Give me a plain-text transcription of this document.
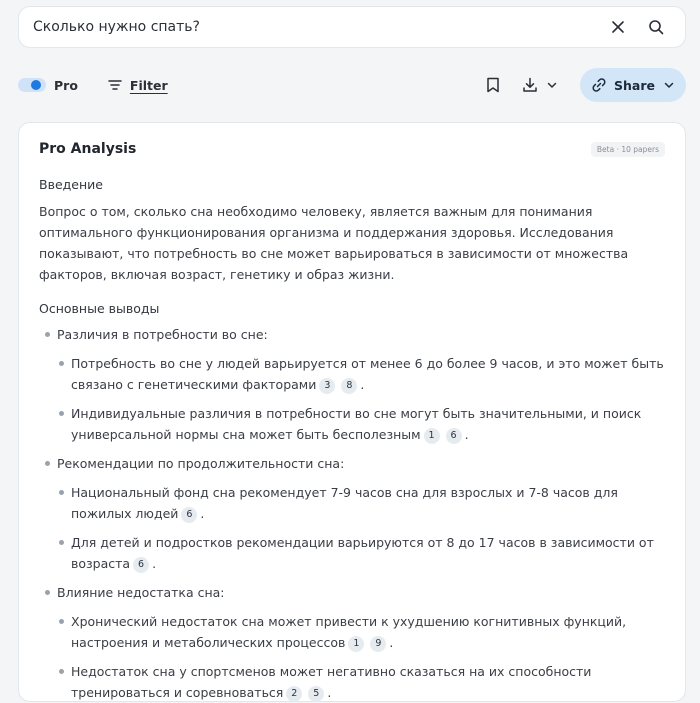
Сколько нужно спать?
Pro	Filter	Share
Pro Analysis	Beta · 10 papers
Введение
Вопрос о том, сколько сна необходимо человеку, является важным для понимания оптимального функционирования организма и поддержания здоровья. Исследования показывают, что потребность во сне может варьироваться в зависимости от множества факторов, включая возраст, генетику и образ жизни.
Основные выводы
Различия в потребности во сне:
Потребность во сне у людей варьируется от менее 6 до более 9 часов, и это может быть связано с генетическими факторами 3 8 .
Индивидуальные различия в потребности во сне могут быть значительными, и поиск универсальной нормы сна может быть бесполезным 1 6 .
Рекомендации по продолжительности сна:
Национальный фонд сна рекомендует 7-9 часов сна для взрослых и 7-8 часов для пожилых людей 6 .
Для детей и подростков рекомендации варьируются от 8 до 17 часов в зависимости от возраста 6 .
Влияние недостатка сна:
Хронический недостаток сна может привести к ухудшению когнитивных функций, настроения и метаболических процессов 1 9 .
Недостаток сна у спортсменов может негативно сказаться на их способности тренироваться и соревноваться 2 5 .
